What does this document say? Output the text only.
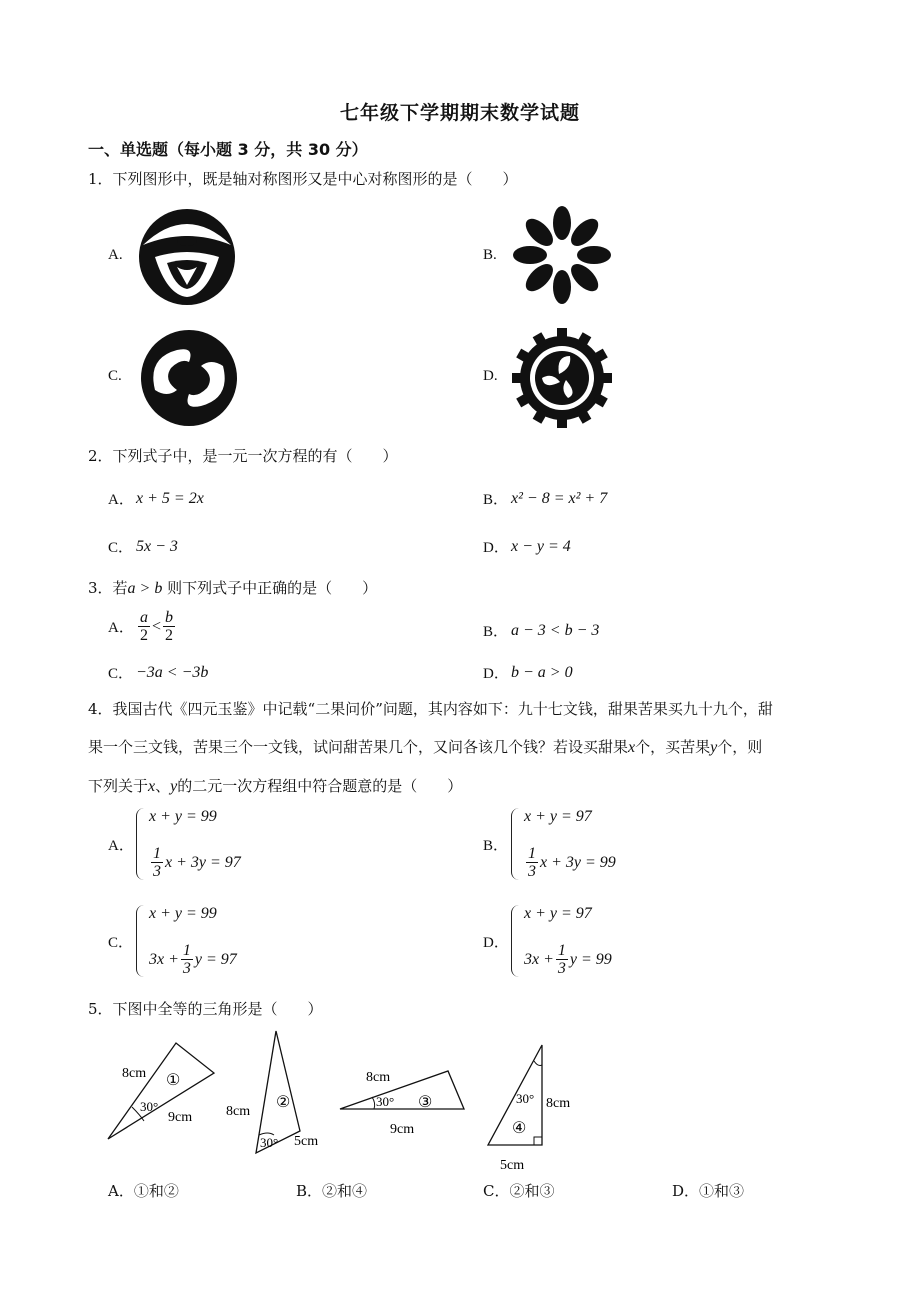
七年级下学期期末数学试题
一、单选题（每小题 3 分，共 30 分）
1．下列图形中，既是轴对称图形又是中心对称图形的是（　　）
A.	B.
C.	D.
2．下列式子中，是一元一次方程的有（　　）
A． x + 5 = 2x	B． x² − 8 = x² + 7
C． 5x − 3	D． x − y = 4
3．若a > b 则下列式子中正确的是（　　）
A． $\frac{a}{2} < \frac{b}{2}$	B． a − 3 < b − 3
C． −3a < −3b	D． b − a > 0
4．我国古代《四元玉鉴》中记载“二果问价”问题，其内容如下：九十七文钱，甜果苦果买九十九个，甜
果一个三文钱，苦果三个一文钱，试问甜苦果几个，又问各该几个钱？若设买甜果x个，买苦果y个，则
下列关于x、y的二元一次方程组中符合题意的是（　　）
A．
x + y = 99
$\frac{1}{3}$ x + 3y = 97
B．
x + y = 97
$\frac{1}{3}$ x + 3y = 99
C．
x + y = 99
$3x + \frac{1}{3}$ y = 97
D．
x + y = 97
$3x + \frac{1}{3}$ y = 99
5．下图中全等的三角形是（　　）
8cm ①
30°
9cm 8cm
②
30° 5cm
8cm
30° ③
9cm
30° 8cm
④
5cm
A．①和②	B．②和④	C．②和③	D．①和③
